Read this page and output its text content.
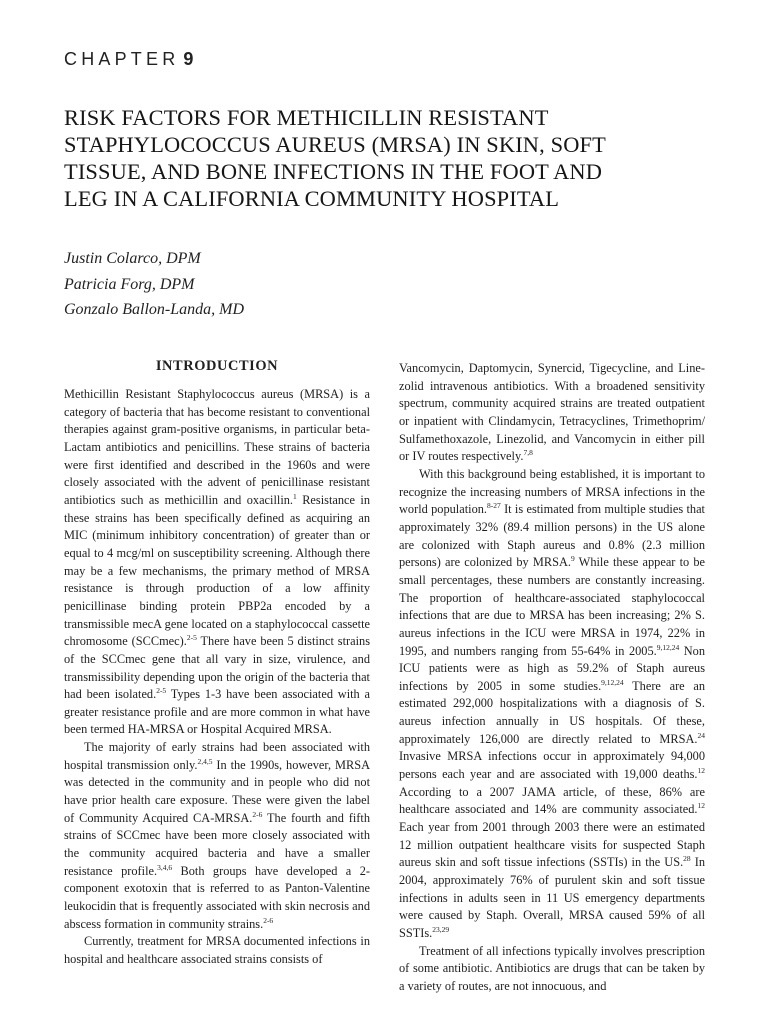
CHAPTER 9
RISK FACTORS FOR METHICILLIN RESISTANT
STAPHYLOCOCCUS AUREUS (MRSA) IN SKIN, SOFT
TISSUE, AND BONE INFECTIONS IN THE FOOT AND
LEG IN A CALIFORNIA COMMUNITY HOSPITAL
Justin Colarco, DPM
Patricia Forg, DPM
Gonzalo Ballon-Landa, MD
INTRODUCTION

Methicillin Resistant Staphylococcus aureus (MRSA) is a category of bacteria that has become resistant to conventional therapies against gram-positive organisms, in particular beta-Lactam antibiotics and penicillins. These strains of bacteria were first identified and described in the 1960s and were closely associated with the advent of penicillinase resistant antibiotics such as methicillin and oxacillin.$^1$ Resistance in these strains has been specifically defined as acquiring an MIC (minimum inhibitory concentration) of greater than or equal to 4 mcg/ml on susceptibility screening. Although there may be a few mechanisms, the primary method of MRSA resistance is through production of a low affinity penicillinase binding protein PBP2a encoded by a transmissible mecA gene located on a staphylococcal cassette chromosome (SCCmec).$^{2-5}$ There have been 5 distinct strains of the SCCmec gene that all vary in size, virulence, and transmissibility depending upon the origin of the bacteria that had been isolated.$^{2-5}$ Types 1-3 have been associated with a greater resistance profile and are more common in what have been termed HA-MRSA or Hospital Acquired MRSA.

The majority of early strains had been associated with hospital transmission only.$^{2,4,5}$ In the 1990s, however, MRSA was detected in the community and in people who did not have prior health care exposure. These were given the label of Community Acquired CA-MRSA.$^{2-6}$ The fourth and fifth strains of SCCmec have been more closely associated with the community acquired bacteria and have a smaller resistance profile.$^{3,4,6}$ Both groups have developed a 2-component exotoxin that is referred to as Panton-Valentine leukocidin that is frequently associated with skin necrosis and abscess formation in community strains.$^{2-6}$

Currently, treatment for MRSA documented infections in hospital and healthcare associated strains consists of

Vancomycin, Daptomycin, Synercid, Tigecycline, and Linezolid intravenous antibiotics. With a broadened sensitivity spectrum, community acquired strains are treated outpatient or inpatient with Clindamycin, Tetracyclines, Trimethoprim/ Sulfamethoxazole, Linezolid, and Vancomycin in either pill or IV routes respectively.$^{7,8}$

With this background being established, it is important to recognize the increasing numbers of MRSA infections in the world population.$^{8-27}$ It is estimated from multiple studies that approximately 32% (89.4 million persons) in the US alone are colonized with Staph aureus and 0.8% (2.3 million persons) are colonized by MRSA.$^9$ While these appear to be small percentages, these numbers are constantly increasing. The proportion of healthcare-associated staphylococcal infections that are due to MRSA has been increasing; 2% S. aureus infections in the ICU were MRSA in 1974, 22% in 1995, and numbers ranging from 55-64% in 2005.$^{9,12,24}$ Non ICU patients were as high as 59.2% of Staph aureus infections by 2005 in some studies.$^{9,12,24}$ There are an estimated 292,000 hospitalizations with a diagnosis of S. aureus infection annually in US hospitals. Of these, approximately 126,000 are directly related to MRSA.$^{24}$ Invasive MRSA infections occur in approximately 94,000 persons each year and are associated with 19,000 deaths.$^{12}$ According to a 2007 JAMA article, of these, 86% are healthcare associated and 14% are community associated.$^{12}$ Each year from 2001 through 2003 there were an estimated 12 million outpatient healthcare visits for suspected Staph aureus skin and soft tissue infections (SSTIs) in the US.$^{28}$ In 2004, approximately 76% of purulent skin and soft tissue infections in adults seen in 11 US emergency departments were caused by Staph. Overall, MRSA caused 59% of all SSTIs.$^{23,29}$

Treatment of all infections typically involves prescription of some antibiotic. Antibiotics are drugs that can be taken by a variety of routes, are not innocuous, and
